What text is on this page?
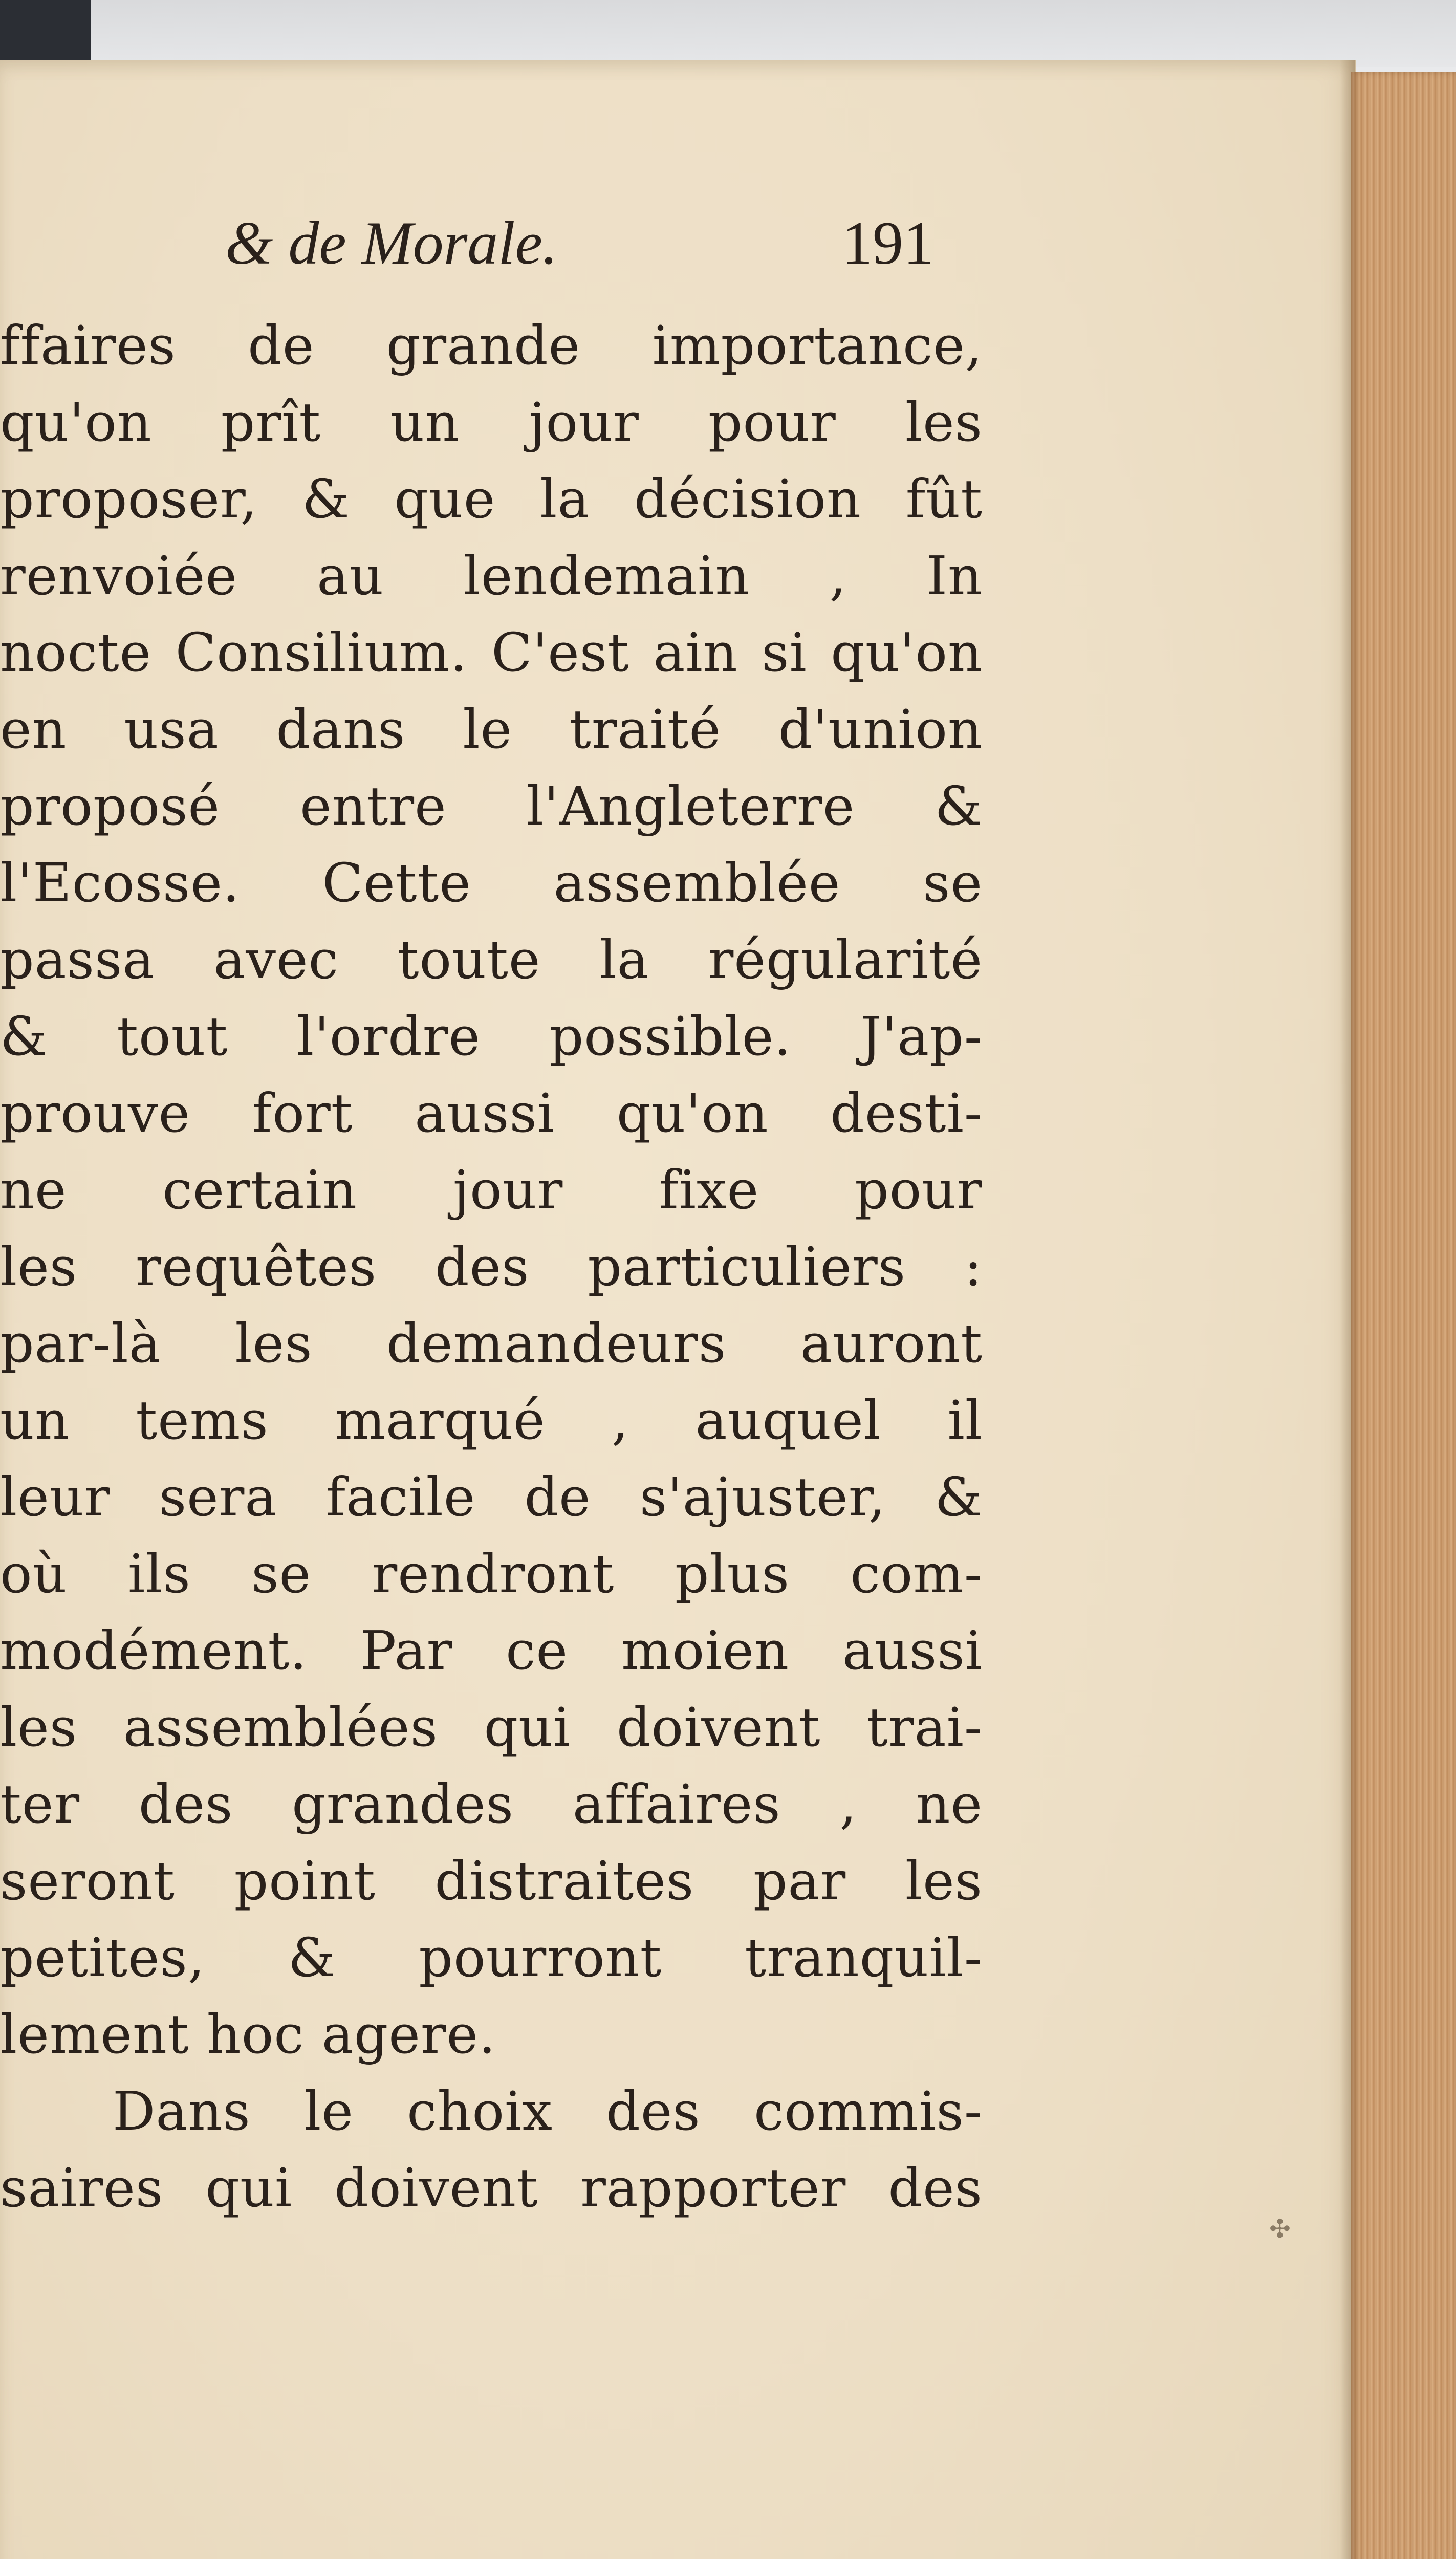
& de Morale.	191
ffaires de grande importance,
qu'on prît un jour pour les
proposer, & que la décision fût
renvoiée au lendemain , In
nocte Consilium. C'est ain si qu'on
en usa dans le traité d'union
proposé entre l'Angleterre &
l'Ecosse. Cette assemblée se
passa avec toute la régularité
& tout l'ordre possible. J'ap-
prouve fort aussi qu'on desti-
ne certain jour fixe pour
les requêtes des particuliers :
par-là les demandeurs auront
un tems marqué , auquel il
leur sera facile de s'ajuster, &
où ils se rendront plus com-
modément. Par ce moien aussi
les assemblées qui doivent trai-
ter des grandes affaires , ne
seront point distraites par les
petites, & pourront tranquil-
lement hoc agere.
Dans le choix des commis-
saires qui doivent rapporter des
✣
